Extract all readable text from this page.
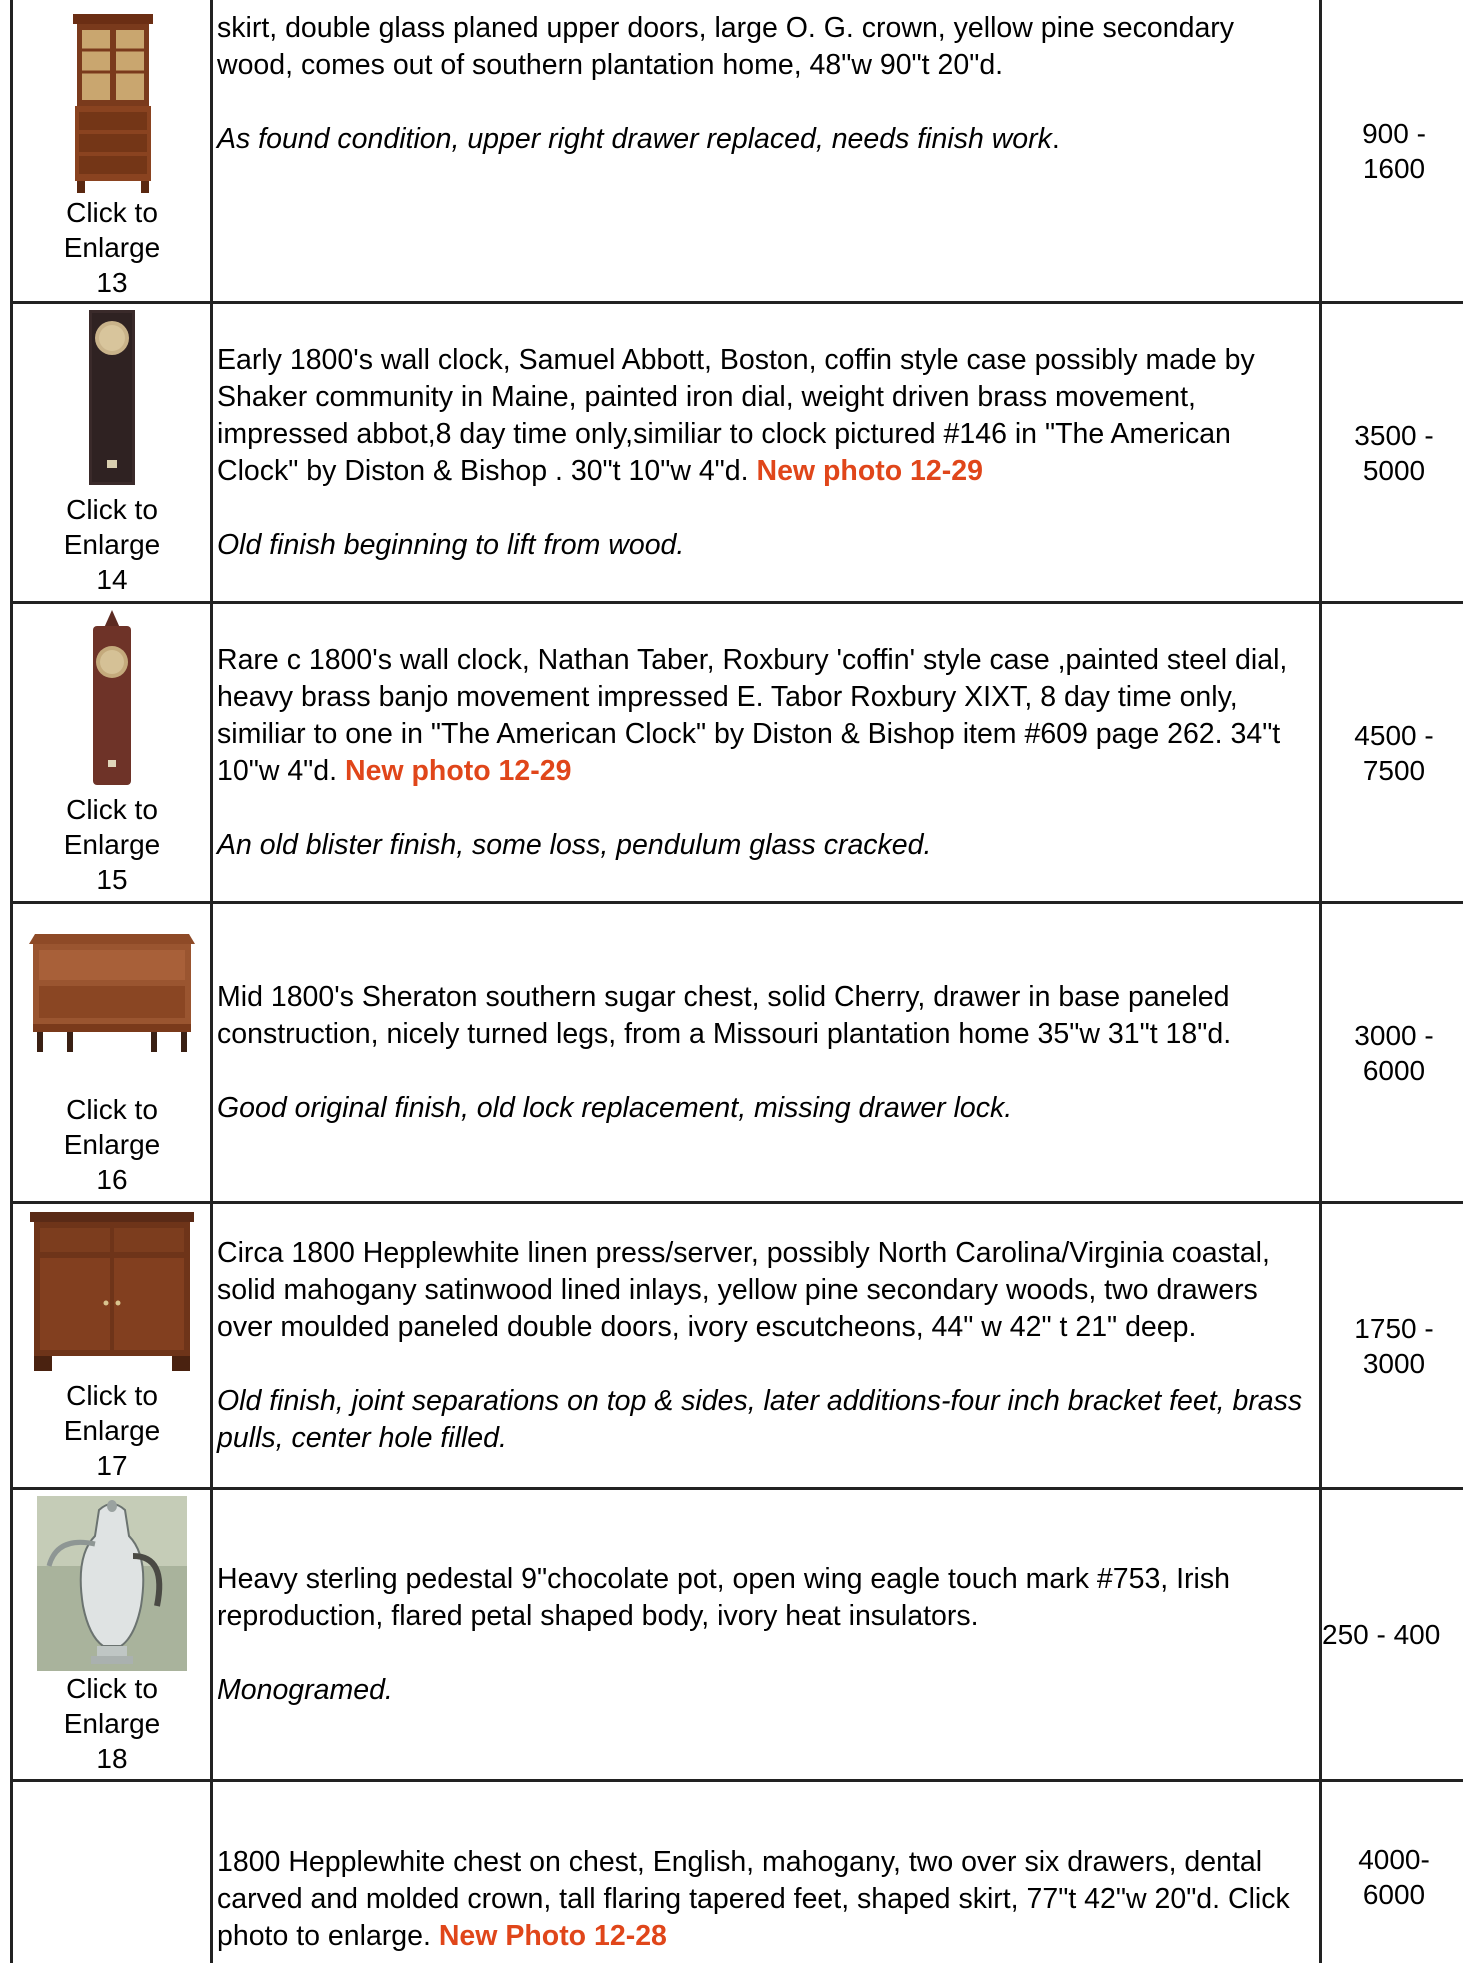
Click to
Enlarge
13

skirt, double glass planed upper doors, large O. G. crown, yellow pine secondary wood, comes out of southern plantation home, 48"w 90"t 20"d.

As found condition, upper right drawer replaced, needs finish work.	900 - 1600
Click to
Enlarge
14

Early 1800's wall clock, Samuel Abbott, Boston, coffin style case possibly made by Shaker community in Maine, painted iron dial, weight driven brass movement, impressed abbot,8 day time only,similiar to clock pictured #146 in "The American Clock" by Diston & Bishop . 30"t 10"w 4"d. New photo 12-29

Old finish beginning to lift from wood.

3500 - 5000
Click to
Enlarge
15

Rare c 1800's wall clock, Nathan Taber, Roxbury 'coffin' style case ,painted steel dial, heavy brass banjo movement impressed E. Tabor Roxbury XIXT, 8 day time only, similiar to one in "The American Clock" by Diston & Bishop item #609 page 262. 34"t 10"w 4"d. New photo 12-29

An old blister finish, some loss, pendulum glass cracked.

4500 - 7500
Click to
Enlarge
16

Mid 1800's Sheraton southern sugar chest, solid Cherry, drawer in base paneled construction, nicely turned legs, from a Missouri plantation home 35"w 31"t 18"d.

Good original finish, old lock replacement, missing drawer lock.

3000 - 6000
Click to
Enlarge
17

Circa 1800 Hepplewhite linen press/server, possibly North Carolina/Virginia coastal, solid mahogany satinwood lined inlays, yellow pine secondary woods, two drawers over moulded paneled double doors, ivory escutcheons, 44" w 42" t 21" deep.

Old finish, joint separations on top & sides, later additions-four inch bracket feet, brass pulls, center hole filled.

1750 - 3000
Click to
Enlarge
18

Heavy sterling pedestal 9"chocolate pot, open wing eagle touch mark #753, Irish reproduction, flared petal shaped body, ivory heat insulators.

Monogramed.

250 - 400

1800 Hepplewhite chest on chest, English, mahogany, two over six drawers, dental carved and molded crown, tall flaring tapered feet, shaped skirt, 77"t 42"w 20"d. Click photo to enlarge. New Photo 12-28

4000- 6000
